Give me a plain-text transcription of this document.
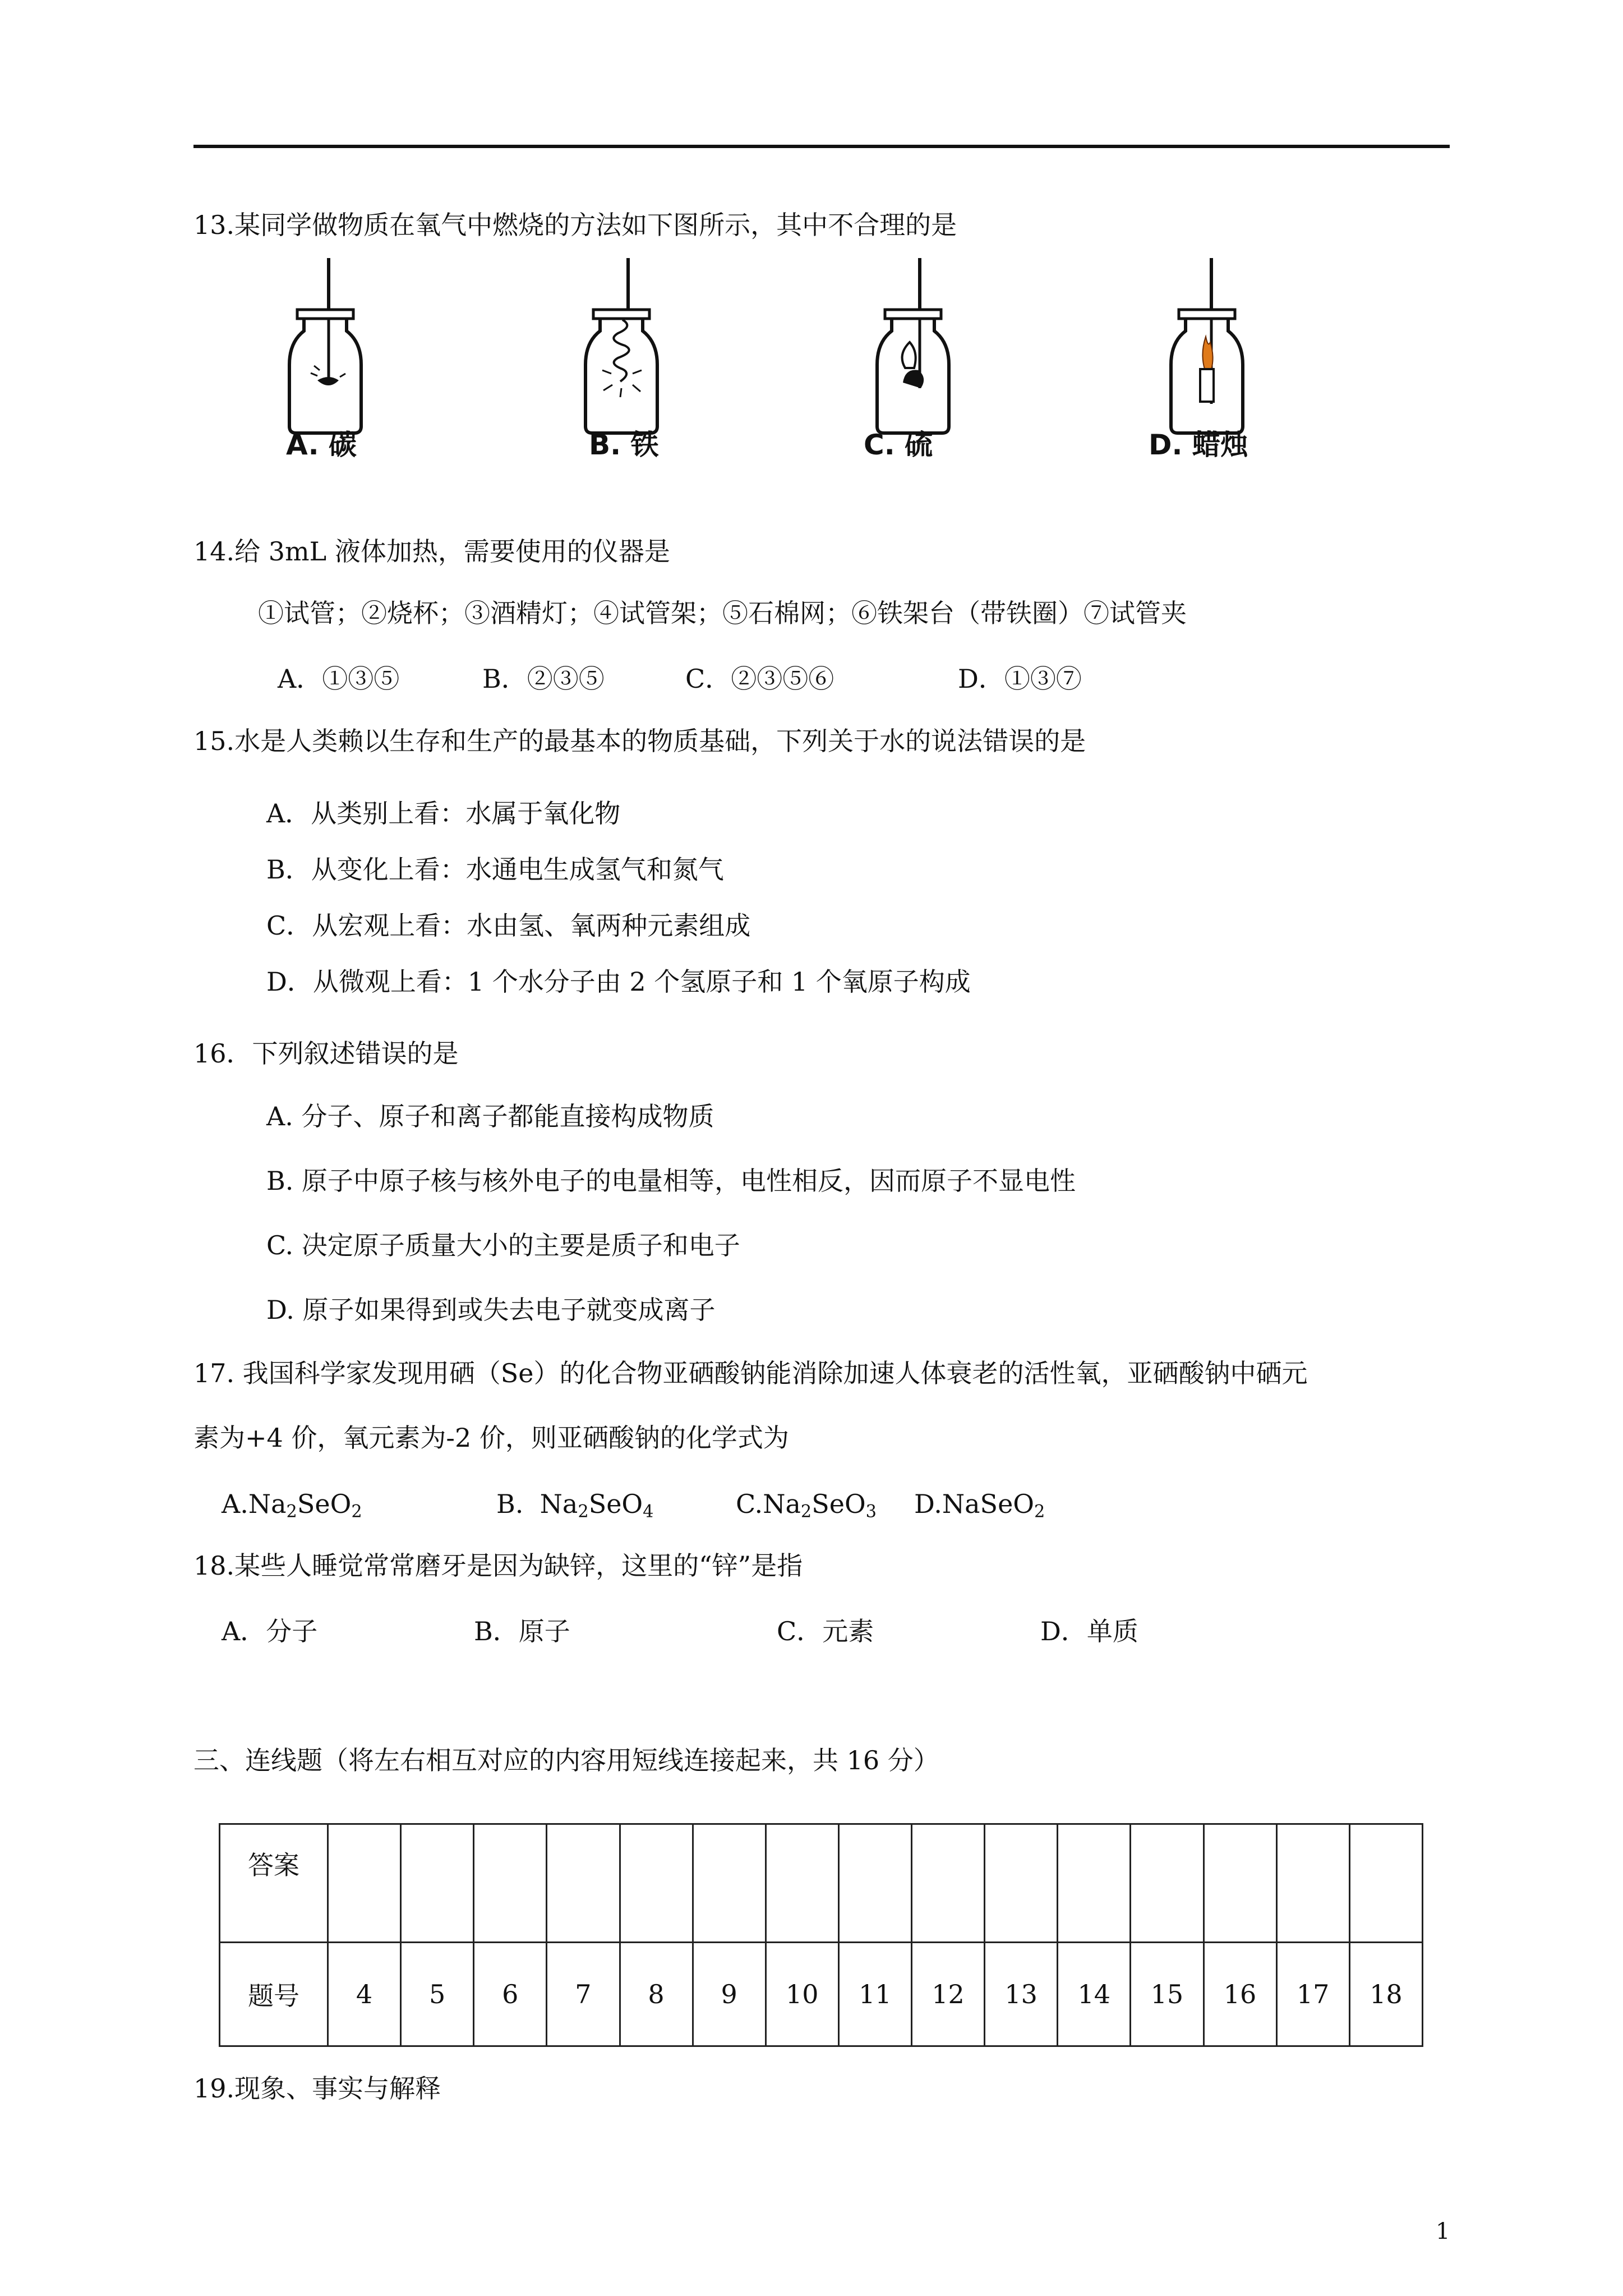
13.某同学做物质在氧气中燃烧的方法如下图所示，其中不合理的是
A. 碳	B. 铁	C. 硫	D. 蜡烛
14.给 3mL 液体加热，需要使用的仪器是
①试管；②烧杯；③酒精灯；④试管架；⑤石棉网；⑥铁架台（带铁圈）⑦试管夹
A．①③⑤	B．②③⑤	C．②③⑤⑥	D．①③⑦
15.水是人类赖以生存和生产的最基本的物质基础，下列关于水的说法错误的是
A．从类别上看：水属于氧化物
B．从变化上看：水通电生成氢气和氮气
C．从宏观上看：水由氢、氧两种元素组成
D．从微观上看：1 个水分子由 2 个氢原子和 1 个氧原子构成
16．下列叙述错误的是
A. 分子、原子和离子都能直接构成物质
B. 原子中原子核与核外电子的电量相等，电性相反，因而原子不显电性
C. 决定原子质量大小的主要是质子和电子
D. 原子如果得到或失去电子就变成离子
17. 我国科学家发现用硒（Se）的化合物亚硒酸钠能消除加速人体衰老的活性氧，亚硒酸钠中硒元
素为+4 价，氧元素为-2 价，则亚硒酸钠的化学式为
$A.Na_2SeO_2$	B.  $Na_2SeO_4$	$C.Na_2SeO_3$ D.NaSeO$_2$
18.某些人睡觉常常磨牙是因为缺锌，这里的“锌”是指
A．分子	B．原子	C．元素	D．单质
三、连线题（将左右相互对应的内容用短线连接起来，共 16 分）
答案															
题号	4	5	6	7	8	9	10	11	12	13	14	15	16	17	18
19.现象、事实与解释
1
